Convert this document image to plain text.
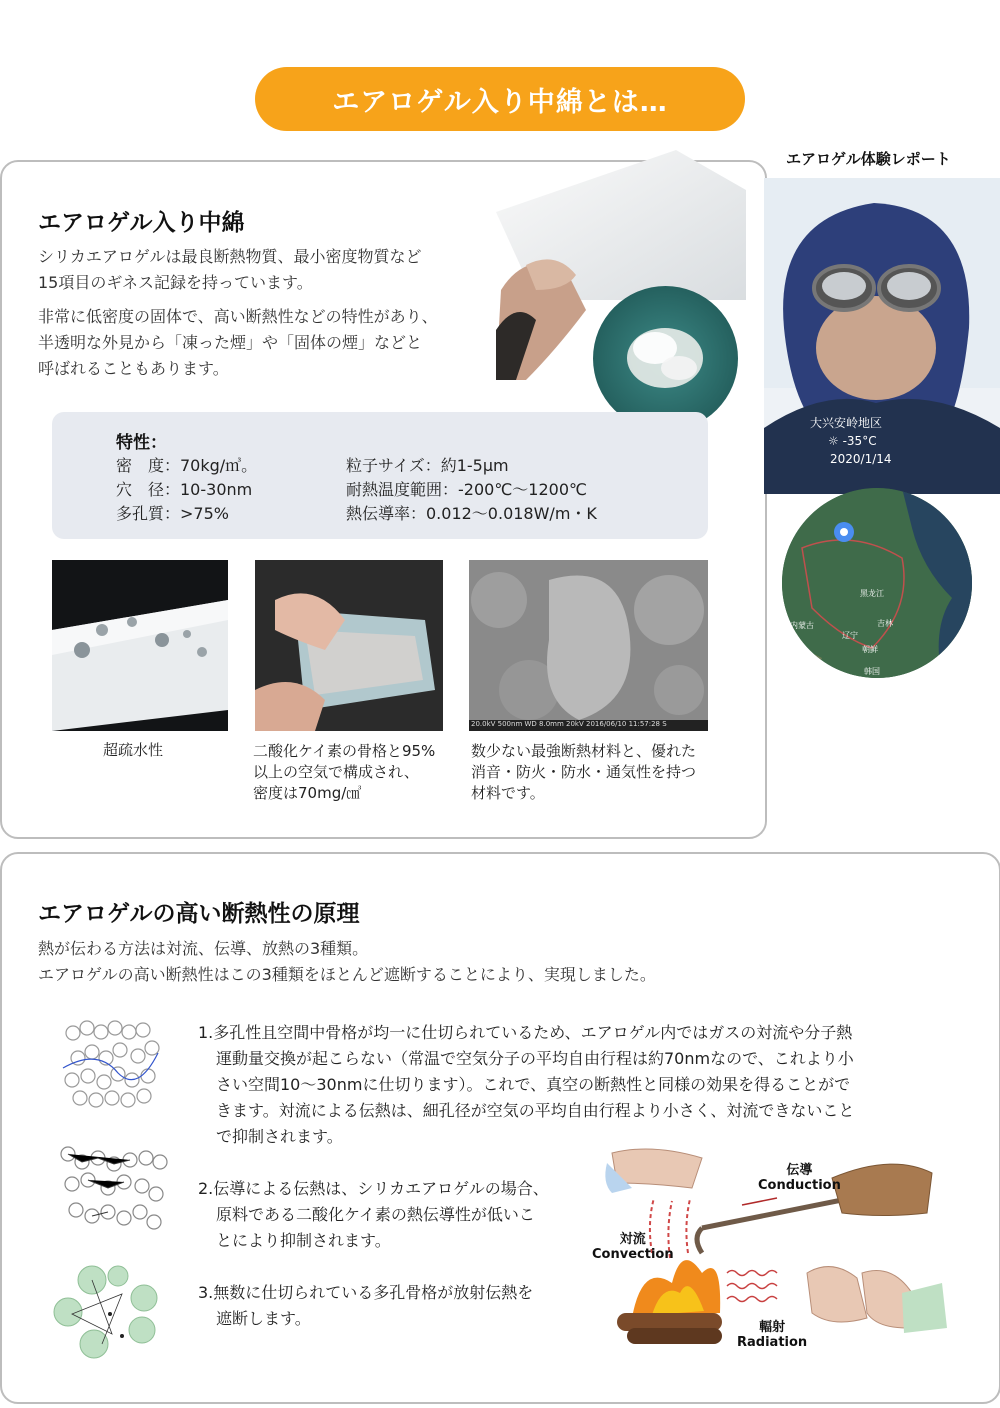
エアロゲル入り中綿とは…
エアロゲル入り中綿
シリカエアロゲルは最良断熱物質、最小密度物質など
15項目のギネス記録を持っています。
非常に低密度の固体で、高い断熱性などの特性があり、
半透明な外見から「凍った煙」や「固体の煙」などと
呼ばれることもあります。
特性：
密　度：70kg/㎥。
穴　径：10-30nm
多孔質：>75%
粒子サイズ：約1-5μm
耐熱温度範囲：-200℃～1200℃
熱伝導率：0.012～0.018W/m・K
20.0kV 500nm WD 8.0mm 20kV 2016/06/10 11:57:28 S
超疏水性	二酸化ケイ素の骨格と95%
以上の空気で構成され、
密度は70mg/㎤
数少ない最強断熱材料と、優れた
消音・防火・防水・通気性を持つ
材料です。
エアロゲル体験レポート
大兴安岭地区
☼ -35°C
2020/1/14
黑龙江
吉林
内蒙古
辽宁
朝鲜
韩国
エアロゲルの高い断熱性の原理
熱が伝わる方法は対流、伝導、放熱の3種類。
エアロゲルの高い断熱性はこの3種類をほとんど遮断することにより、実現しました。
1.多孔性且空間中骨格が均一に仕切られているため、エアロゲル内ではガスの対流や分子熱
運動量交換が起こらない（常温で空気分子の平均自由行程は約70nmなので、これより小
さい空間10～30nmに仕切ります）。これで、真空の断熱性と同様の効果を得ることがで
きます。対流による伝熱は、細孔径が空気の平均自由行程より小さく、対流できないこと
で抑制されます。
2.伝導による伝熱は、シリカエアロゲルの場合、
原料である二酸化ケイ素の熱伝導性が低いこ
とにより抑制されます。
3.無数に仕切られている多孔骨格が放射伝熱を
遮断します。
伝導
Conduction
対流
Convection
輻射
Radiation
